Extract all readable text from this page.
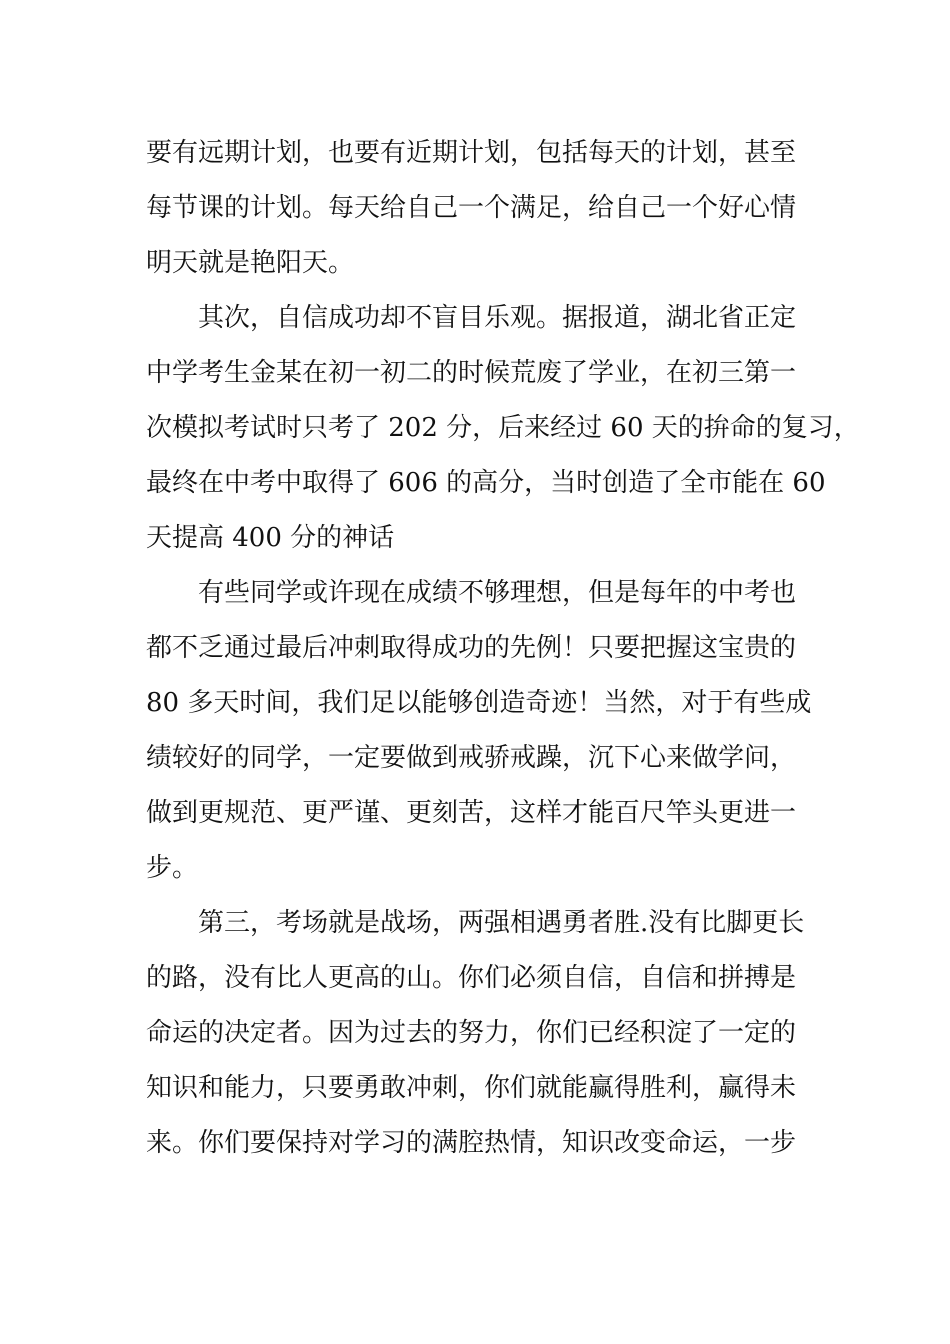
要有远期计划，也要有近期计划，包括每天的计划，甚至
每节课的计划。每天给自己一个满足，给自己一个好心情
明天就是艳阳天。
其次，自信成功却不盲目乐观。据报道，湖北省正定
中学考生金某在初一初二的时候荒废了学业，在初三第一
次模拟考试时只考了 202 分，后来经过 60 天的拚命的复习，
最终在中考中取得了 606 的高分，当时创造了全市能在 60
天提高 400 分的神话
有些同学或许现在成绩不够理想，但是每年的中考也
都不乏通过最后冲刺取得成功的先例！只要把握这宝贵的
80 多天时间，我们足以能够创造奇迹！当然，对于有些成
绩较好的同学，一定要做到戒骄戒躁，沉下心来做学问，
做到更规范、更严谨、更刻苦，这样才能百尺竿头更进一
步。
第三，考场就是战场，两强相遇勇者胜.没有比脚更长
的路，没有比人更高的山。你们必须自信，自信和拼搏是
命运的决定者。因为过去的努力，你们已经积淀了一定的
知识和能力，只要勇敢冲刺，你们就能赢得胜利，赢得未
来。你们要保持对学习的满腔热情，知识改变命运，一步
